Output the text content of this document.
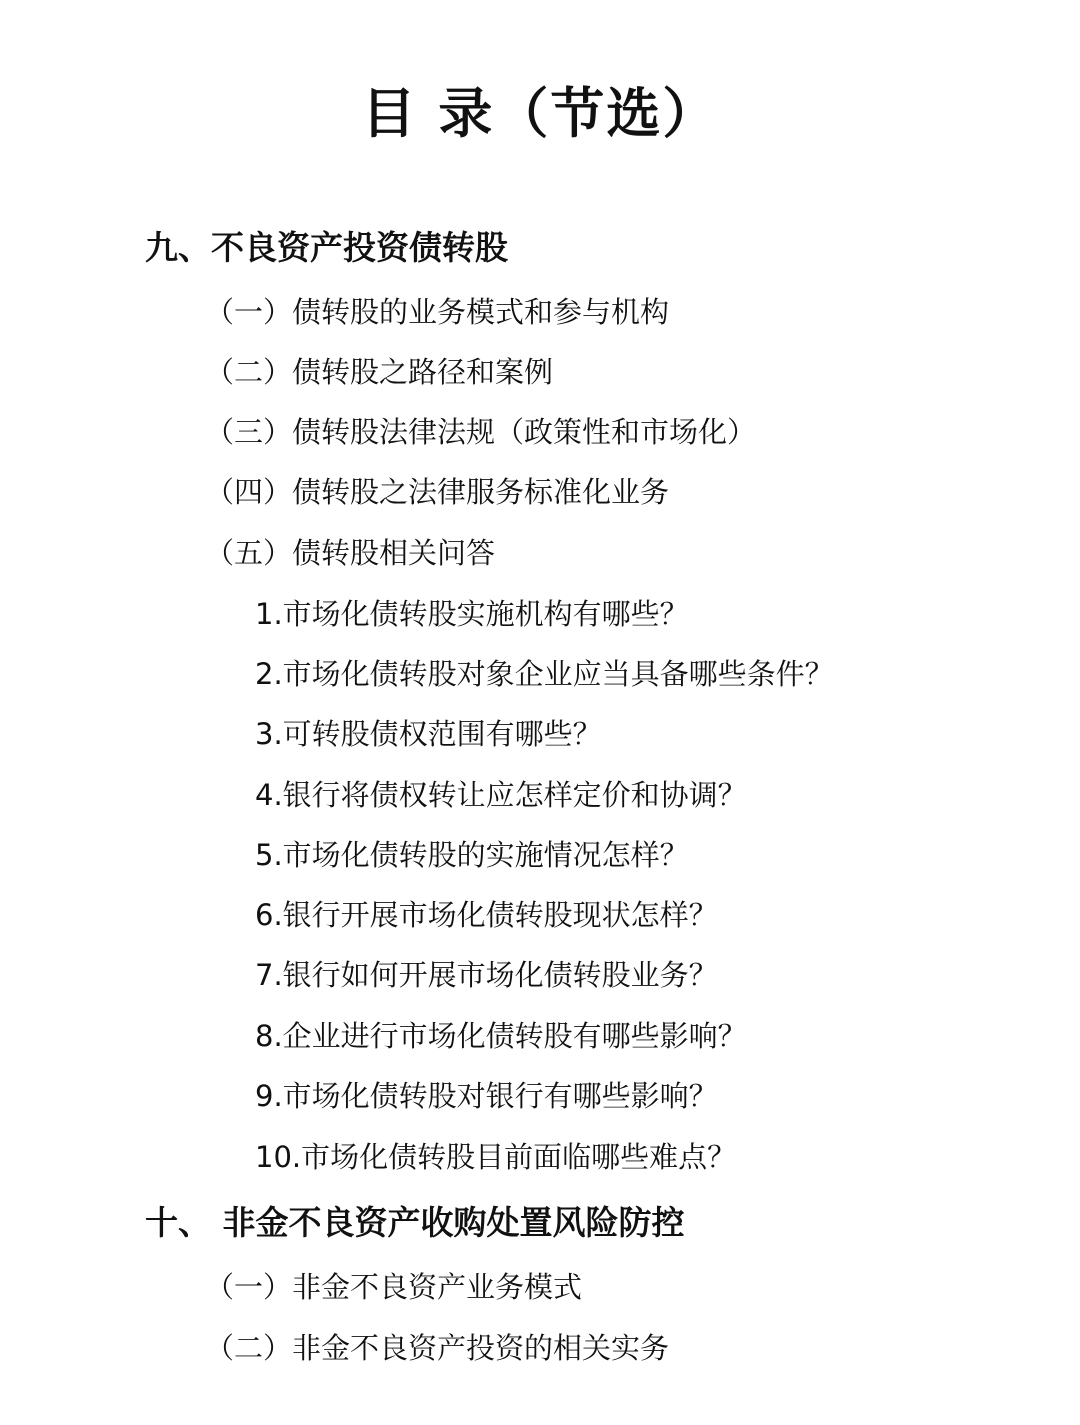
目 录（节选）
九、不良资产投资债转股
（一）债转股的业务模式和参与机构
（二）债转股之路径和案例
（三）债转股法律法规（政策性和市场化）
（四）债转股之法律服务标准化业务
（五）债转股相关问答
1.市场化债转股实施机构有哪些？
2.市场化债转股对象企业应当具备哪些条件？
3.可转股债权范围有哪些？
4.银行将债权转让应怎样定价和协调？
5.市场化债转股的实施情况怎样？
6.银行开展市场化债转股现状怎样？
7.银行如何开展市场化债转股业务？
8.企业进行市场化债转股有哪些影响？
9.市场化债转股对银行有哪些影响？
10.市场化债转股目前面临哪些难点？
十、 非金不良资产收购处置风险防控
（一）非金不良资产业务模式
（二）非金不良资产投资的相关实务
